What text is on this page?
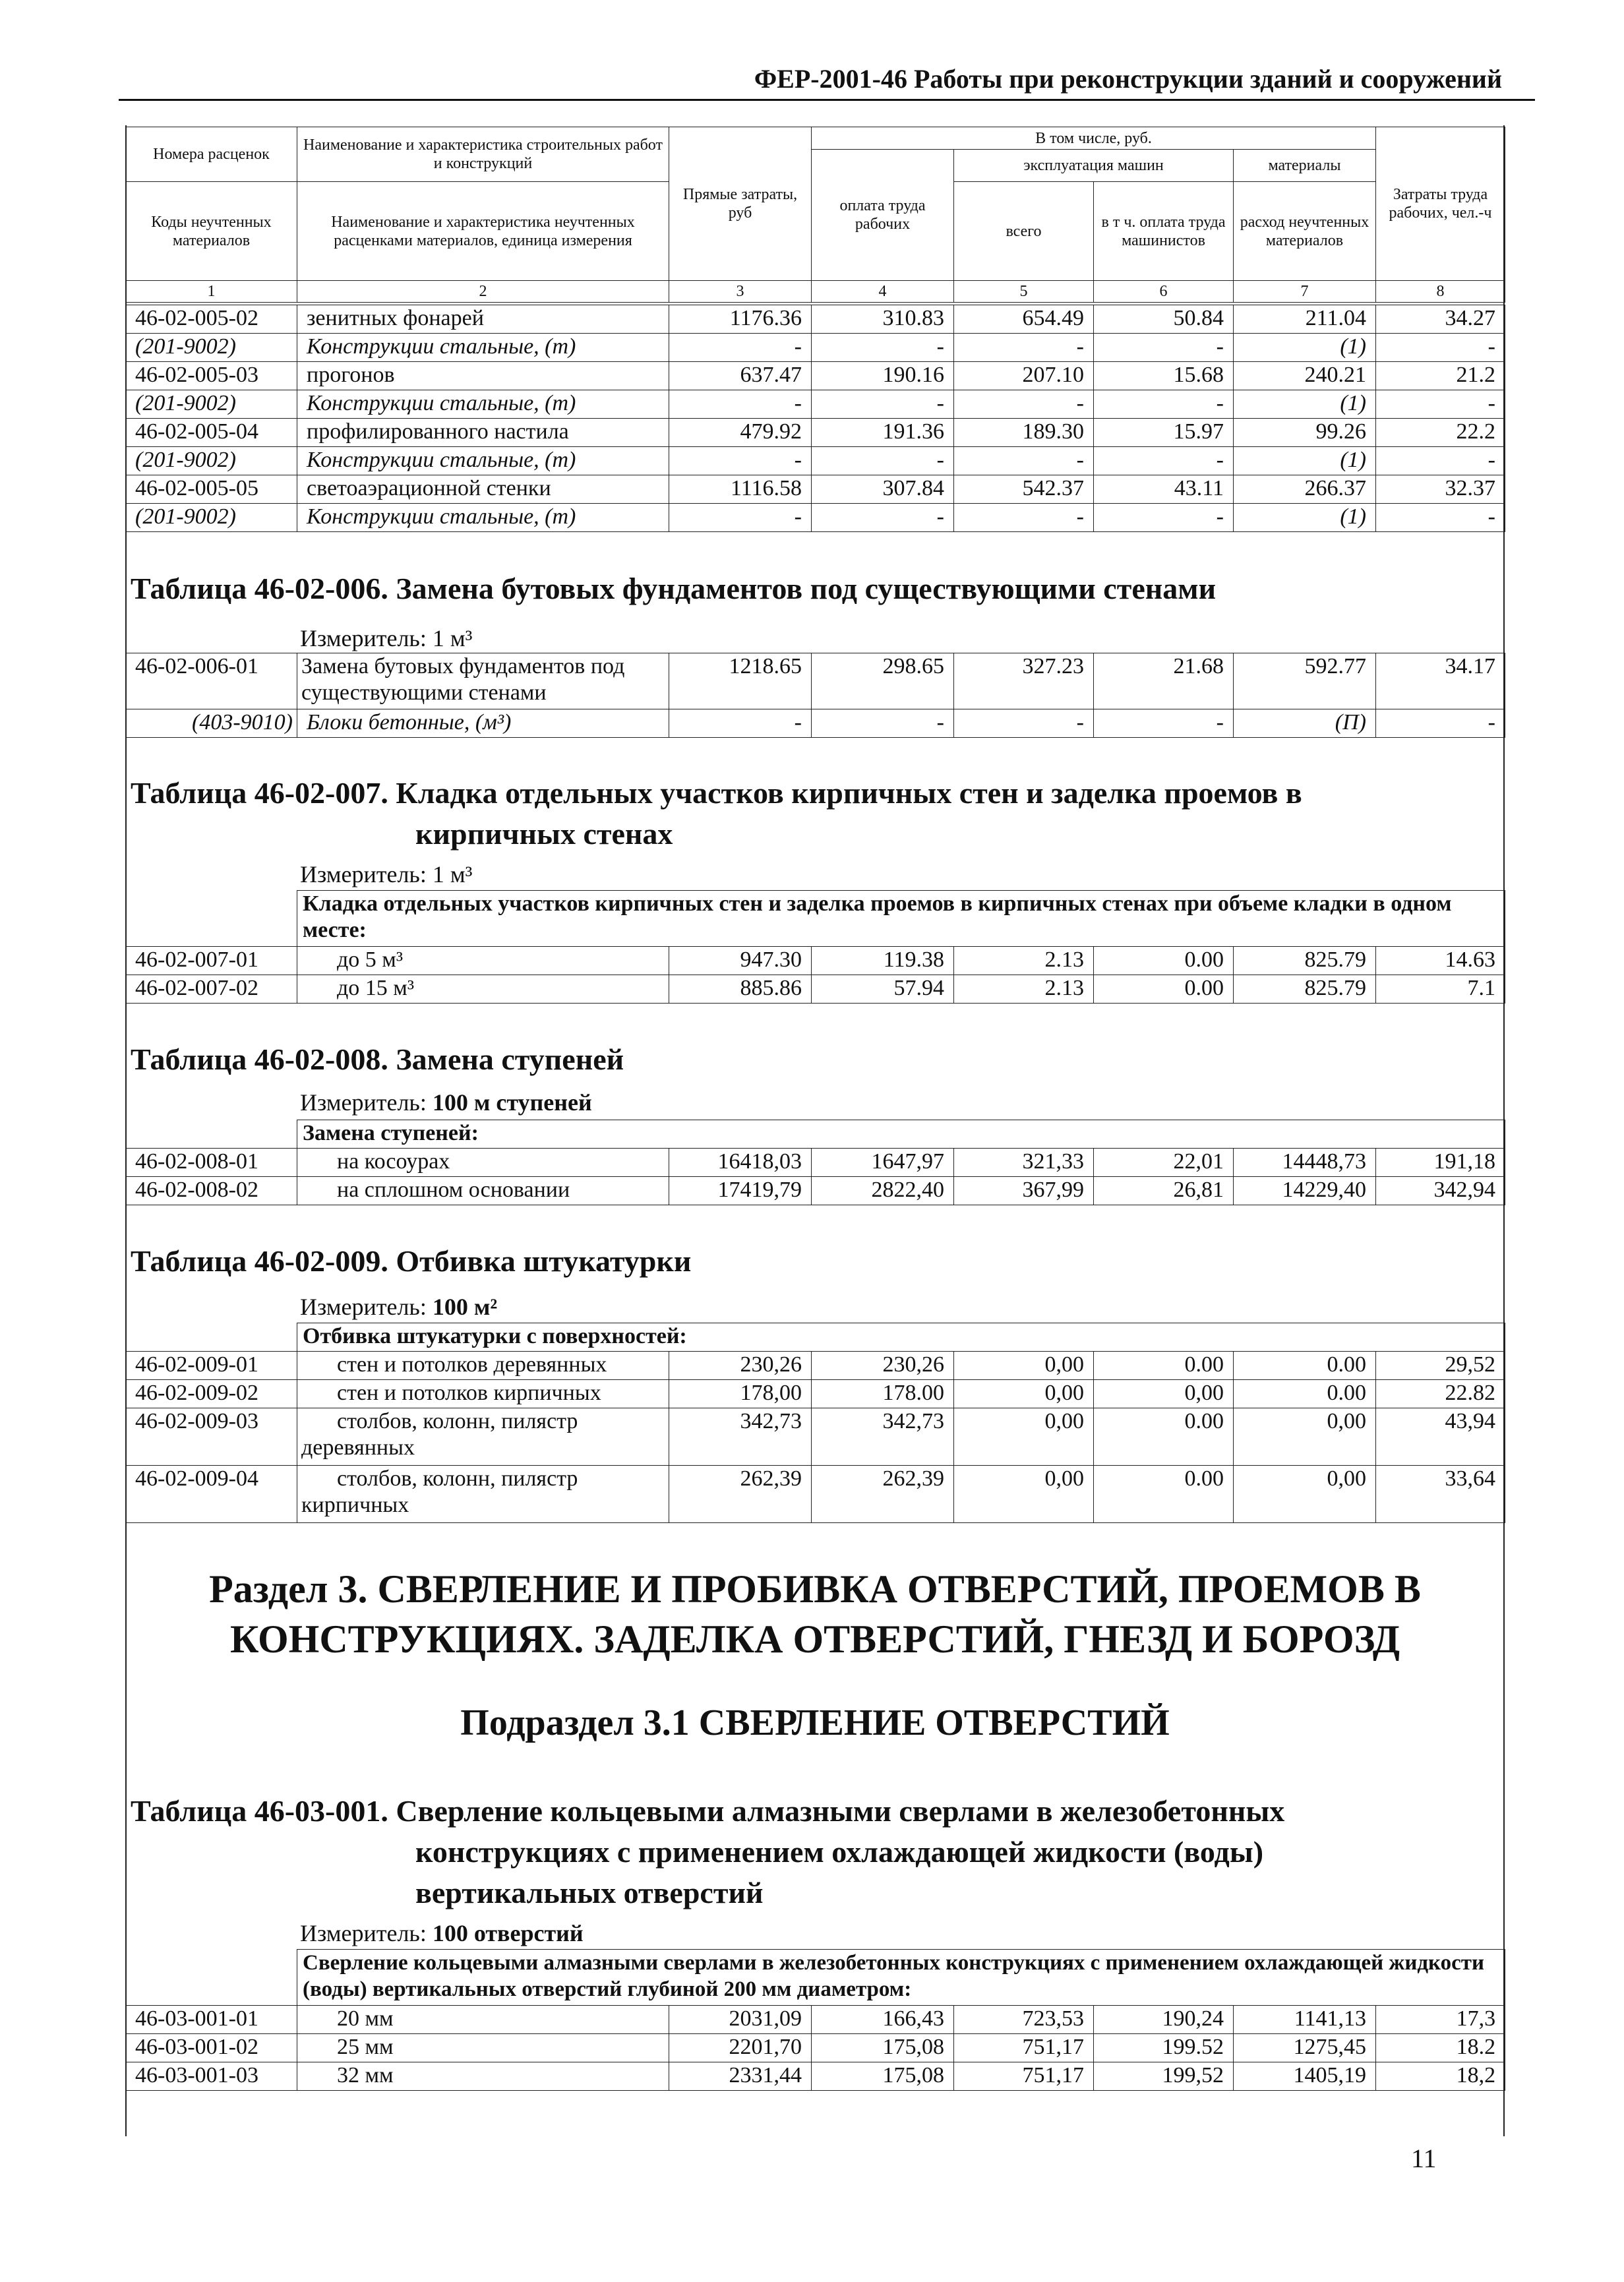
ФЕР-2001-46 Работы при реконструкции зданий и сооружений
Номера расценок	Наименование и характеристика строительных работ и конструкций	Прямые затраты, руб	В том числе, руб.				Затраты труда рабочих, чел.-ч
			оплата труда рабочих	эксплуатация машин		материалы	
Коды неучтенных материалов	Наименование и характеристика неучтенных расценками материалов, единица измерения			всего	в т ч. оплата труда машинистов	расход неучтенных материалов	
1	2	3	4	5	6	7	8
46-02-005-02	зенитных фонарей	1176.36	310.83	654.49	50.84	211.04	34.27
(201-9002)	Конструкции стальные, (т)	-	-	-	-	(1)	-
46-02-005-03	прогонов	637.47	190.16	207.10	15.68	240.21	21.2
(201-9002)	Конструкции стальные, (т)	-	-	-	-	(1)	-
46-02-005-04	профилированного настила	479.92	191.36	189.30	15.97	99.26	22.2
(201-9002)	Конструкции стальные, (т)	-	-	-	-	(1)	-
46-02-005-05	светоаэрационной стенки	1116.58	307.84	542.37	43.11	266.37	32.37
(201-9002)	Конструкции стальные, (т)	-	-	-	-	(1)	-
Таблица 46-02-006. Замена бутовых фундаментов под существующими стенами
Измеритель: 1 м³
46-02-006-01	Замена бутовых фундаментов под существующими стенами	1218.65	298.65	327.23	21.68	592.77	34.17

(403-9010)	Блоки бетонные, (м³)	-	-	-	-	(П)	-
Таблица 46-02-007. Кладка отдельных участков кирпичных стен и заделка проемов в
кирпичных стенах
Измеритель: 1 м³
	Кладка отдельных участков кирпичных стен и заделка проемов в кирпичных стенах при объеме кладки в одном месте:						
46-02-007-01	до 5 м³	947.30	119.38	2.13	0.00	825.79	14.63
46-02-007-02	до 15 м³	885.86	57.94	2.13	0.00	825.79	7.1
Таблица 46-02-008. Замена ступеней
Измеритель: 100 м ступеней
	Замена ступеней:						
46-02-008-01	на косоурах	16418,03	1647,97	321,33	22,01	14448,73	191,18
46-02-008-02	на сплошном основании	17419,79	2822,40	367,99	26,81	14229,40	342,94
Таблица 46-02-009. Отбивка штукатурки
Измеритель: 100 м²
	Отбивка штукатурки с поверхностей:						
46-02-009-01	стен и потолков деревянных	230,26	230,26	0,00	0.00	0.00	29,52
46-02-009-02	стен и потолков кирпичных	178,00	178.00	0,00	0,00	0.00	22.82
46-02-009-03	столбов, колонн, пилястр деревянных	342,73	342,73	0,00	0.00	0,00	43,94
46-02-009-04	столбов, колонн, пилястр кирпичных	262,39	262,39	0,00	0.00	0,00	33,64
Раздел 3. СВЕРЛЕНИЕ И ПРОБИВКА ОТВЕРСТИЙ, ПРОЕМОВ В
КОНСТРУКЦИЯХ. ЗАДЕЛКА ОТВЕРСТИЙ, ГНЕЗД И БОРОЗД
Подраздел 3.1 СВЕРЛЕНИЕ ОТВЕРСТИЙ
Таблица 46-03-001. Сверление кольцевыми алмазными сверлами в железобетонных
конструкциях с применением охлаждающей жидкости (воды)
вертикальных отверстий
Измеритель: 100 отверстий
	Сверление кольцевыми алмазными сверлами в железобетонных конструкциях с применением охлаждающей жидкости (воды) вертикальных отверстий глубиной 200 мм диаметром:						
46-03-001-01	20 мм	2031,09	166,43	723,53	190,24	1141,13	17,3
46-03-001-02	25 мм	2201,70	175,08	751,17	199.52	1275,45	18.2
46-03-001-03	32 мм	2331,44	175,08	751,17	199,52	1405,19	18,2
11
